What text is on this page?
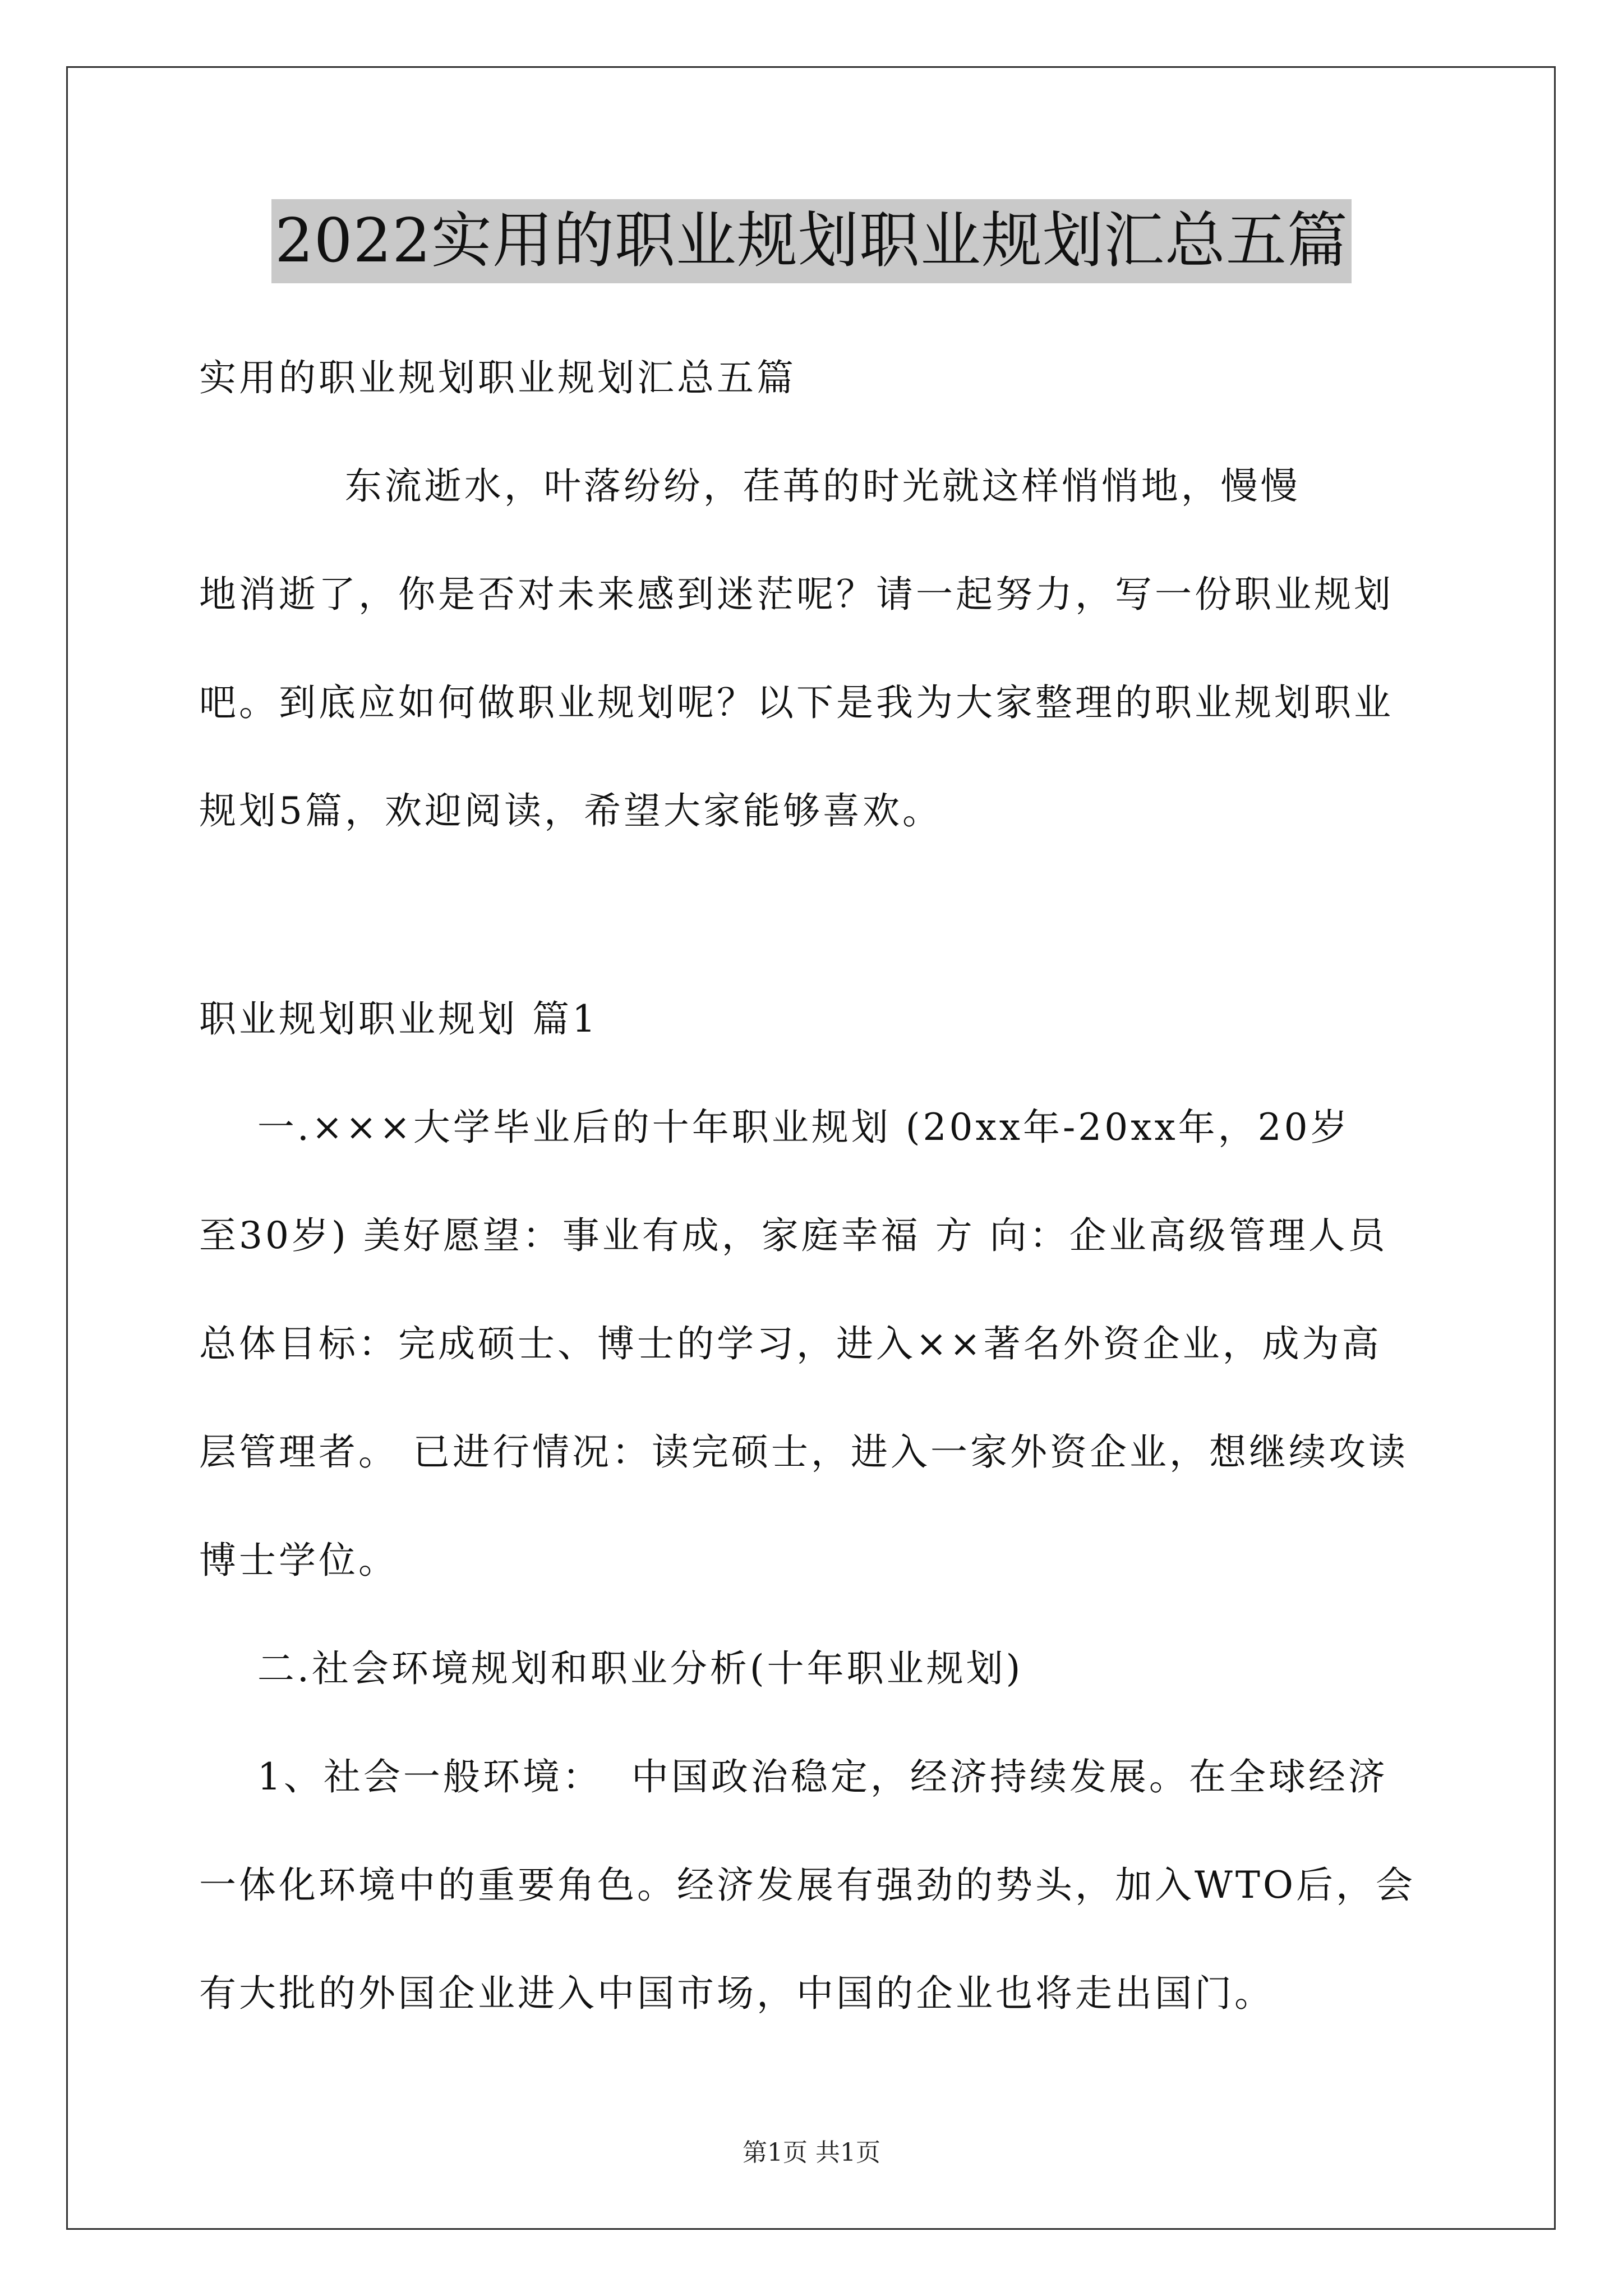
2022实用的职业规划职业规划汇总五篇
实用的职业规划职业规划汇总五篇
东流逝水，叶落纷纷，荏苒的时光就这样悄悄地，慢慢
地消逝了，你是否对未来感到迷茫呢？请一起努力，写一份职业规划
吧。到底应如何做职业规划呢？以下是我为大家整理的职业规划职业
规划5篇，欢迎阅读，希望大家能够喜欢。
职业规划职业规划 篇1
一.×××大学毕业后的十年职业规划 (20xx年-20xx年，20岁
至30岁) 美好愿望：事业有成，家庭幸福 方 向：企业高级管理人员
总体目标：完成硕士、博士的学习，进入××著名外资企业，成为高
层管理者。 已进行情况：读完硕士，进入一家外资企业，想继续攻读
博士学位。
二.社会环境规划和职业分析(十年职业规划)
1、社会一般环境：  中国政治稳定，经济持续发展。在全球经济
一体化环境中的重要角色。经济发展有强劲的势头，加入WTO后，会
有大批的外国企业进入中国市场，中国的企业也将走出国门。
第1页 共1页
